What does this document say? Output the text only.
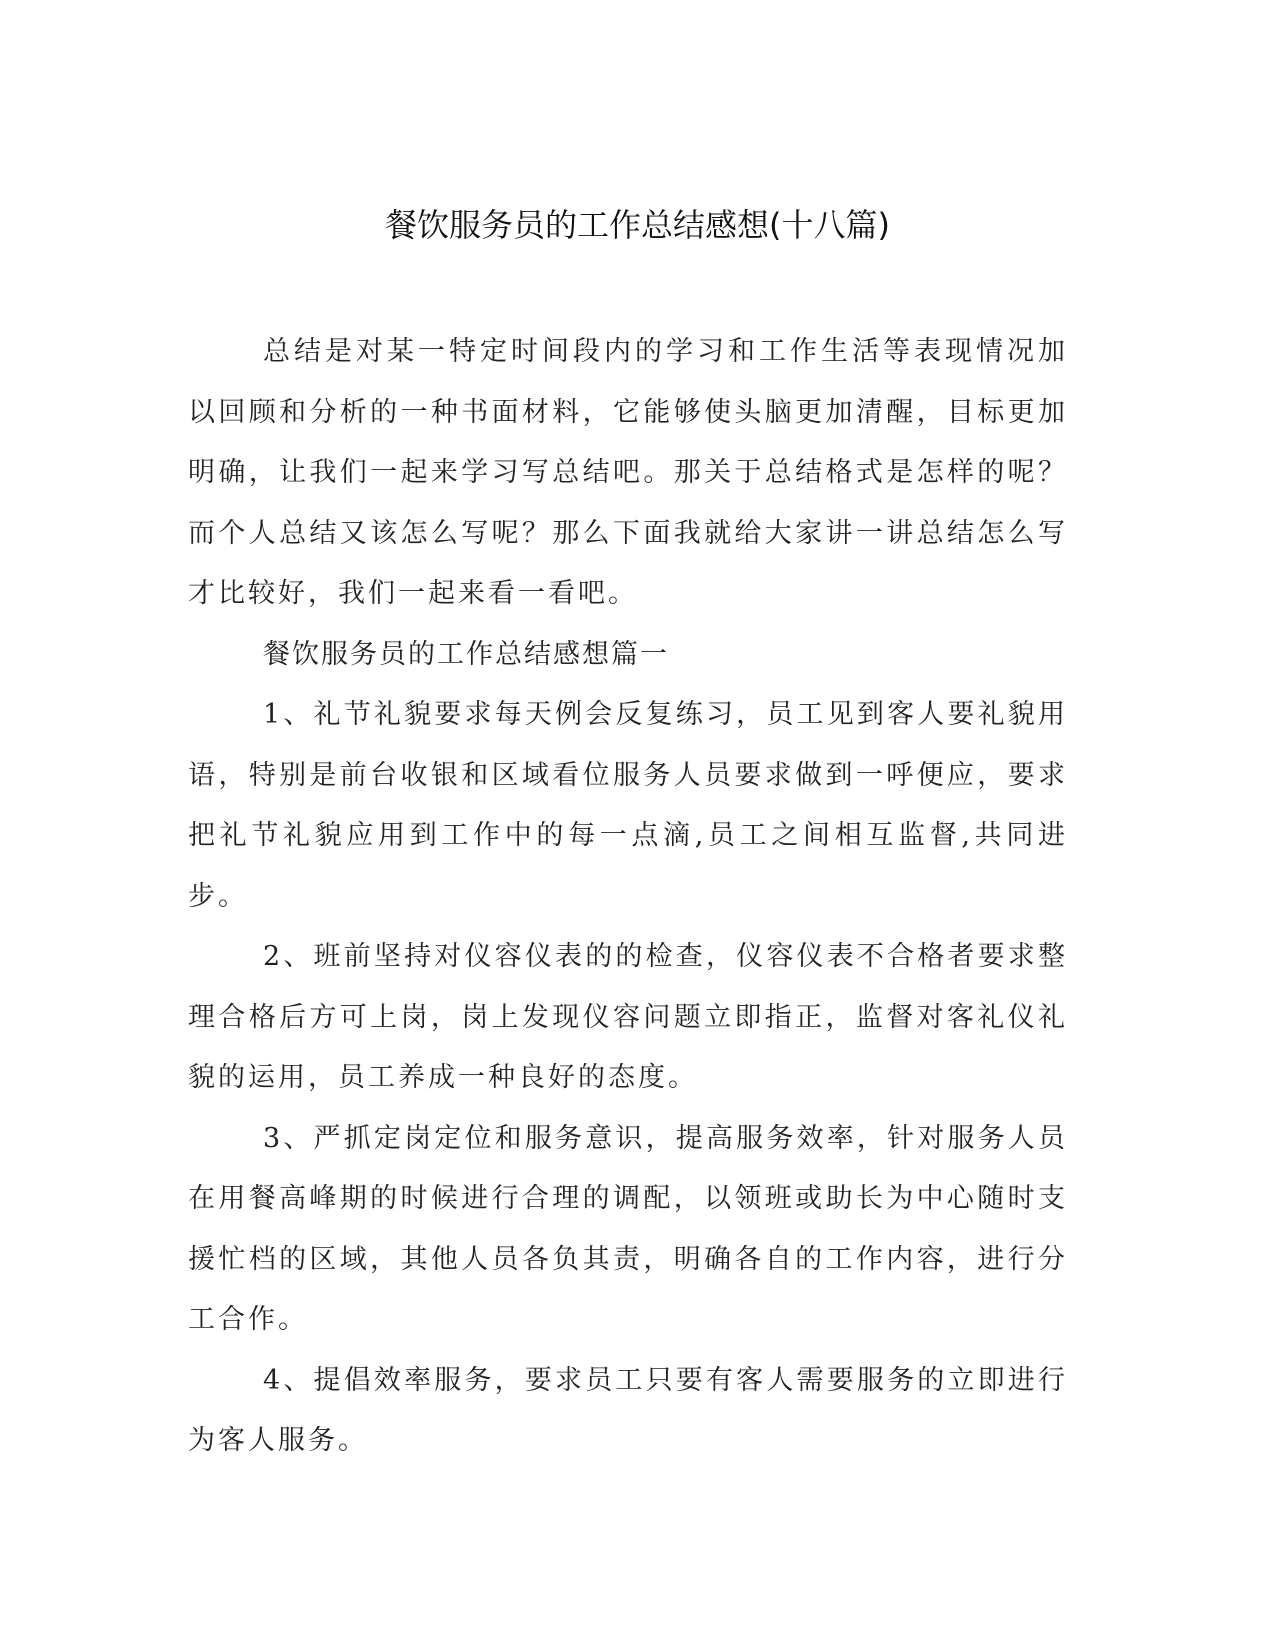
餐饮服务员的工作总结感想(十八篇)

总结是对某一特定时间段内的学习和工作生活等表现情况加以回顾和分析的一种书面材料，它能够使头脑更加清醒，目标更加明确，让我们一起来学习写总结吧。那关于总结格式是怎样的呢？而个人总结又该怎么写呢？那么下面我就给大家讲一讲总结怎么写才比较好，我们一起来看一看吧。

餐饮服务员的工作总结感想篇一

1、礼节礼貌要求每天例会反复练习，员工见到客人要礼貌用语，特别是前台收银和区域看位服务人员要求做到一呼便应，要求把礼节礼貌应用到工作中的每一点滴,员工之间相互监督,共同进步。

2、班前坚持对仪容仪表的的检查，仪容仪表不合格者要求整理合格后方可上岗，岗上发现仪容问题立即指正，监督对客礼仪礼貌的运用，员工养成一种良好的态度。

3、严抓定岗定位和服务意识，提高服务效率，针对服务人员在用餐高峰期的时候进行合理的调配，以领班或助长为中心随时支援忙档的区域，其他人员各负其责，明确各自的工作内容，进行分工合作。

4、提倡效率服务，要求员工只要有客人需要服务的立即进行为客人服务。
